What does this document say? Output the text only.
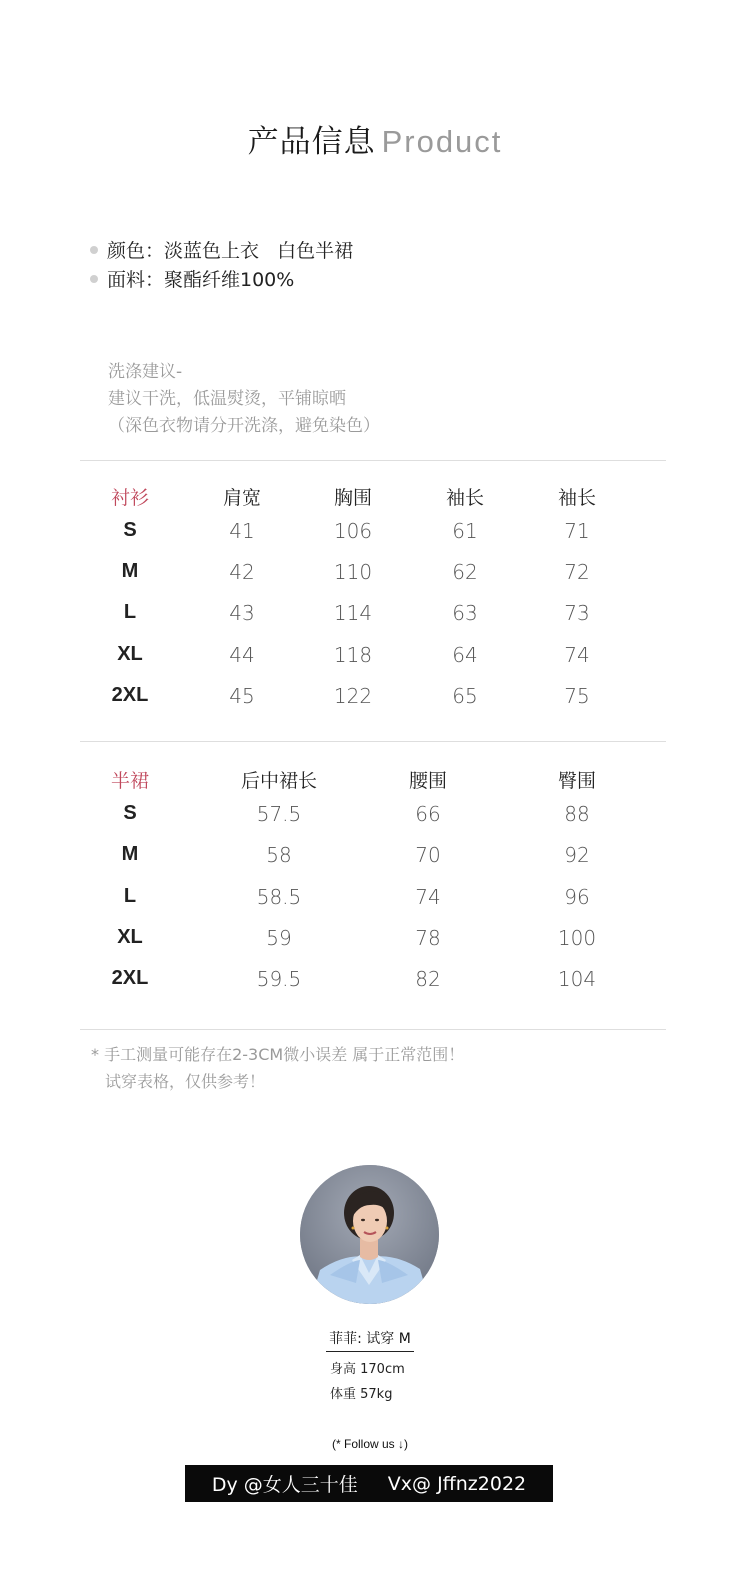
产品信息 Product
颜色：淡蓝色上衣   白色半裙
面料：聚酯纤维100%
洗涤建议-
建议干洗，低温熨烫，平铺晾晒
（深色衣物请分开洗涤，避免染色）
衬衫	肩宽	胸围	袖长	袖长
S	41	106	61	71
M	42	110	62	72
L	43	114	63	73
XL	44	118	64	74
2XL	45	122	65	75
半裙	后中裙长	腰围	臀围
S	57.5	66	88
M	58	70	92
L	58.5	74	96
XL	59	78	100
2XL	59.5	82	104
* 手工测量可能存在2-3CM微小误差 属于正常范围！
试穿表格，仅供参考！
菲菲: 试穿 M
身高 170cm
体重 57kg
(* Follow us ↓)
Dy @女人三十佳 Vx@ Jffnz2022
